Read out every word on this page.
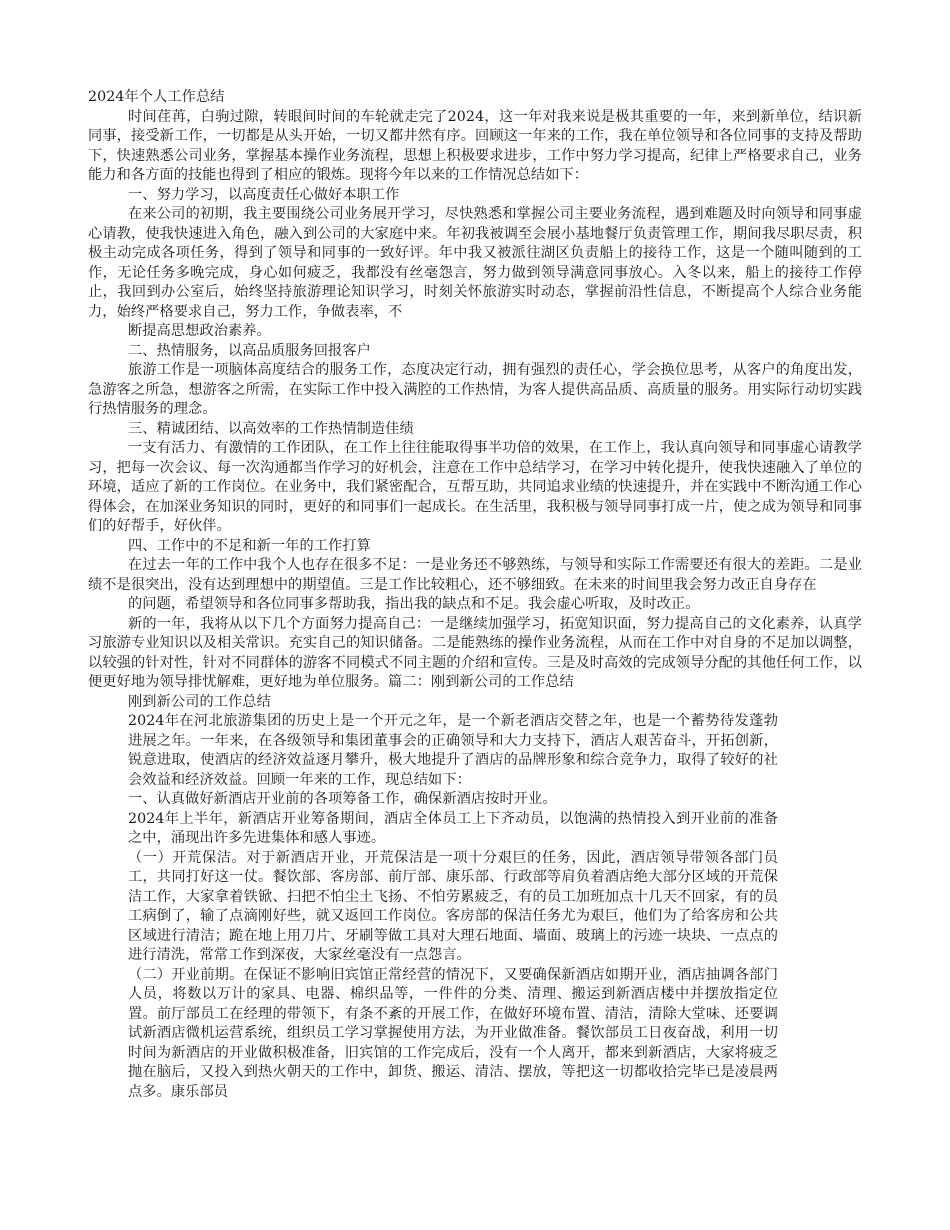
2024年个人工作总结

时间荏苒，白驹过隙，转眼间时间的车轮就走完了2024，这一年对我来说是极其重要的一年，来到新单位，结识新同事，接受新工作，一切都是从头开始，一切又都井然有序。回顾这一年来的工作，我在单位领导和各位同事的支持及帮助下，快速熟悉公司业务，掌握基本操作业务流程，思想上积极要求进步，工作中努力学习提高，纪律上严格要求自己，业务能力和各方面的技能也得到了相应的锻炼。现将今年以来的工作情况总结如下：

一、努力学习，以高度责任心做好本职工作

在来公司的初期，我主要围绕公司业务展开学习，尽快熟悉和掌握公司主要业务流程，遇到难题及时向领导和同事虚心请教，使我快速进入角色，融入到公司的大家庭中来。年初我被调至会展小基地餐厅负责管理工作，期间我尽职尽责，积极主动完成各项任务，得到了领导和同事的一致好评。年中我又被派往湖区负责船上的接待工作，这是一个随叫随到的工作，无论任务多晚完成，身心如何疲乏，我都没有丝毫怨言，努力做到领导满意同事放心。入冬以来，船上的接待工作停止，我回到办公室后，始终坚持旅游理论知识学习，时刻关怀旅游实时动态，掌握前沿性信息，不断提高个人综合业务能力，始终严格要求自己，努力工作，争做表率，不

断提高思想政治素养。

二、热情服务，以高品质服务回报客户

旅游工作是一项脑体高度结合的服务工作，态度决定行动，拥有强烈的责任心，学会换位思考，从客户的角度出发，急游客之所急，想游客之所需，在实际工作中投入满腔的工作热情，为客人提供高品质、高质量的服务。用实际行动切实践行热情服务的理念。

三、精诚团结、以高效率的工作热情制造佳绩

一支有活力、有激情的工作团队，在工作上往往能取得事半功倍的效果，在工作上，我认真向领导和同事虚心请教学习，把每一次会议、每一次沟通都当作学习的好机会，注意在工作中总结学习，在学习中转化提升，使我快速融入了单位的环境，适应了新的工作岗位。在业务中，我们紧密配合，互帮互助，共同追求业绩的快速提升，并在实践中不断沟通工作心得体会，在加深业务知识的同时，更好的和同事们一起成长。在生活里，我积极与领导同事打成一片，使之成为领导和同事们的好帮手，好伙伴。

四、工作中的不足和新一年的工作打算

在过去一年的工作中我个人也存在很多不足：一是业务还不够熟练，与领导和实际工作需要还有很大的差距。二是业绩不是很突出，没有达到理想中的期望值。三是工作比较粗心，还不够细致。在未来的时间里我会努力改正自身存在

的问题，希望领导和各位同事多帮助我，指出我的缺点和不足。我会虚心听取，及时改正。

新的一年，我将从以下几个方面努力提高自己：一是继续加强学习，拓宽知识面，努力提高自己的文化素养，认真学习旅游专业知识以及相关常识。充实自己的知识储备。二是能熟练的操作业务流程，从而在工作中对自身的不足加以调整，以较强的针对性，针对不同群体的游客不同模式不同主题的介绍和宣传。三是及时高效的完成领导分配的其他任何工作，以便更好地为领导排忧解难，更好地为单位服务。篇二：刚到新公司的工作总结

刚到新公司的工作总结

2024年在河北旅游集团的历史上是一个开元之年，是一个新老酒店交替之年，也是一个蓄势待发蓬勃进展之年。一年来，在各级领导和集团董事会的正确领导和大力支持下，酒店人艰苦奋斗，开拓创新，锐意进取，使酒店的经济效益逐月攀升，极大地提升了酒店的品牌形象和综合竞争力，取得了较好的社会效益和经济效益。回顾一年来的工作，现总结如下：

一、认真做好新酒店开业前的各项筹备工作，确保新酒店按时开业。

2024年上半年，新酒店开业筹备期间，酒店全体员工上下齐动员，以饱满的热情投入到开业前的准备之中，涌现出许多先进集体和感人事迹。

（一）开荒保洁。对于新酒店开业，开荒保洁是一项十分艰巨的任务，因此，酒店领导带领各部门员工，共同打好这一仗。餐饮部、客房部、前厅部、康乐部、行政部等肩负着酒店绝大部分区域的开荒保洁工作，大家拿着铁锨、扫把不怕尘土飞扬、不怕劳累疲乏，有的员工加班加点十几天不回家，有的员工病倒了，输了点滴刚好些，就又返回工作岗位。客房部的保洁任务尤为艰巨，他们为了给客房和公共区域进行清洁；跪在地上用刀片、牙刷等做工具对大理石地面、墙面、玻璃上的污迹一块块、一点点的进行清洗，常常工作到深夜，大家丝毫没有一点怨言。

（二）开业前期。在保证不影响旧宾馆正常经营的情况下，又要确保新酒店如期开业，酒店抽调各部门人员，将数以万计的家具、电器、棉织品等，一件件的分类、清理、搬运到新酒店楼中并摆放指定位置。前厅部员工在经理的带领下，有条不紊的开展工作，在做好环境布置、清洁，清除大堂味、还要调试新酒店微机运营系统，组织员工学习掌握使用方法，为开业做准备。餐饮部员工日夜奋战，利用一切时间为新酒店的开业做积极准备，旧宾馆的工作完成后，没有一个人离开，都来到新酒店，大家将疲乏抛在脑后，又投入到热火朝天的工作中，卸货、搬运、清洁、摆放，等把这一切都收拾完毕已是凌晨两点多。康乐部员
